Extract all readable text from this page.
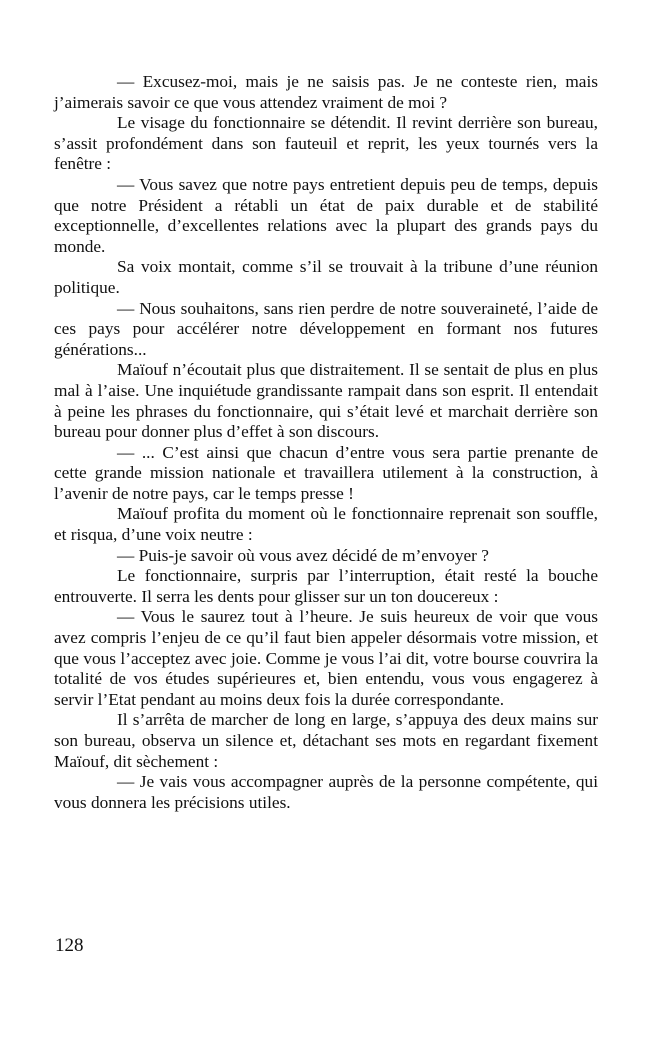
— Excusez-moi, mais je ne saisis pas. Je ne conteste rien, mais j’aimerais savoir ce que vous attendez vraiment de moi ?

Le visage du fonctionnaire se détendit. Il revint derrière son bureau, s’assit profondément dans son fauteuil et reprit, les yeux tournés vers la fenêtre :

— Vous savez que notre pays entretient depuis peu de temps, depuis que notre Président a rétabli un état de paix durable et de stabilité exceptionnelle, d’excellentes relations avec la plupart des grands pays du monde.

Sa voix montait, comme s’il se trouvait à la tribune d’une réunion politique.

— Nous souhaitons, sans rien perdre de notre souveraineté, l’aide de ces pays pour accélérer notre développement en formant nos futures générations...

Maïouf n’écoutait plus que distraitement. Il se sentait de plus en plus mal à l’aise. Une inquiétude grandissante rampait dans son esprit. Il entendait à peine les phrases du fonctionnaire, qui s’était levé et marchait derrière son bureau pour donner plus d’effet à son discours.

— ... C’est ainsi que chacun d’entre vous sera partie prenante de cette grande mission nationale et travaillera utilement à la construction, à l’avenir de notre pays, car le temps presse !

Maïouf profita du moment où le fonctionnaire reprenait son souffle, et risqua, d’une voix neutre :

— Puis-je savoir où vous avez décidé de m’envoyer ?

Le fonctionnaire, surpris par l’interruption, était resté la bouche entrouverte. Il serra les dents pour glisser sur un ton doucereux :

— Vous le saurez tout à l’heure. Je suis heureux de voir que vous avez compris l’enjeu de ce qu’il faut bien appeler désormais votre mission, et que vous l’acceptez avec joie. Comme je vous l’ai dit, votre bourse couvrira la totalité de vos études supérieures et, bien entendu, vous vous engagerez à servir l’Etat pendant au moins deux fois la durée correspondante.

Il s’arrêta de marcher de long en large, s’appuya des deux mains sur son bureau, observa un silence et, détachant ses mots en regardant fixement Maïouf, dit sèchement :

— Je vais vous accompagner auprès de la personne compétente, qui vous donnera les précisions utiles.

128
